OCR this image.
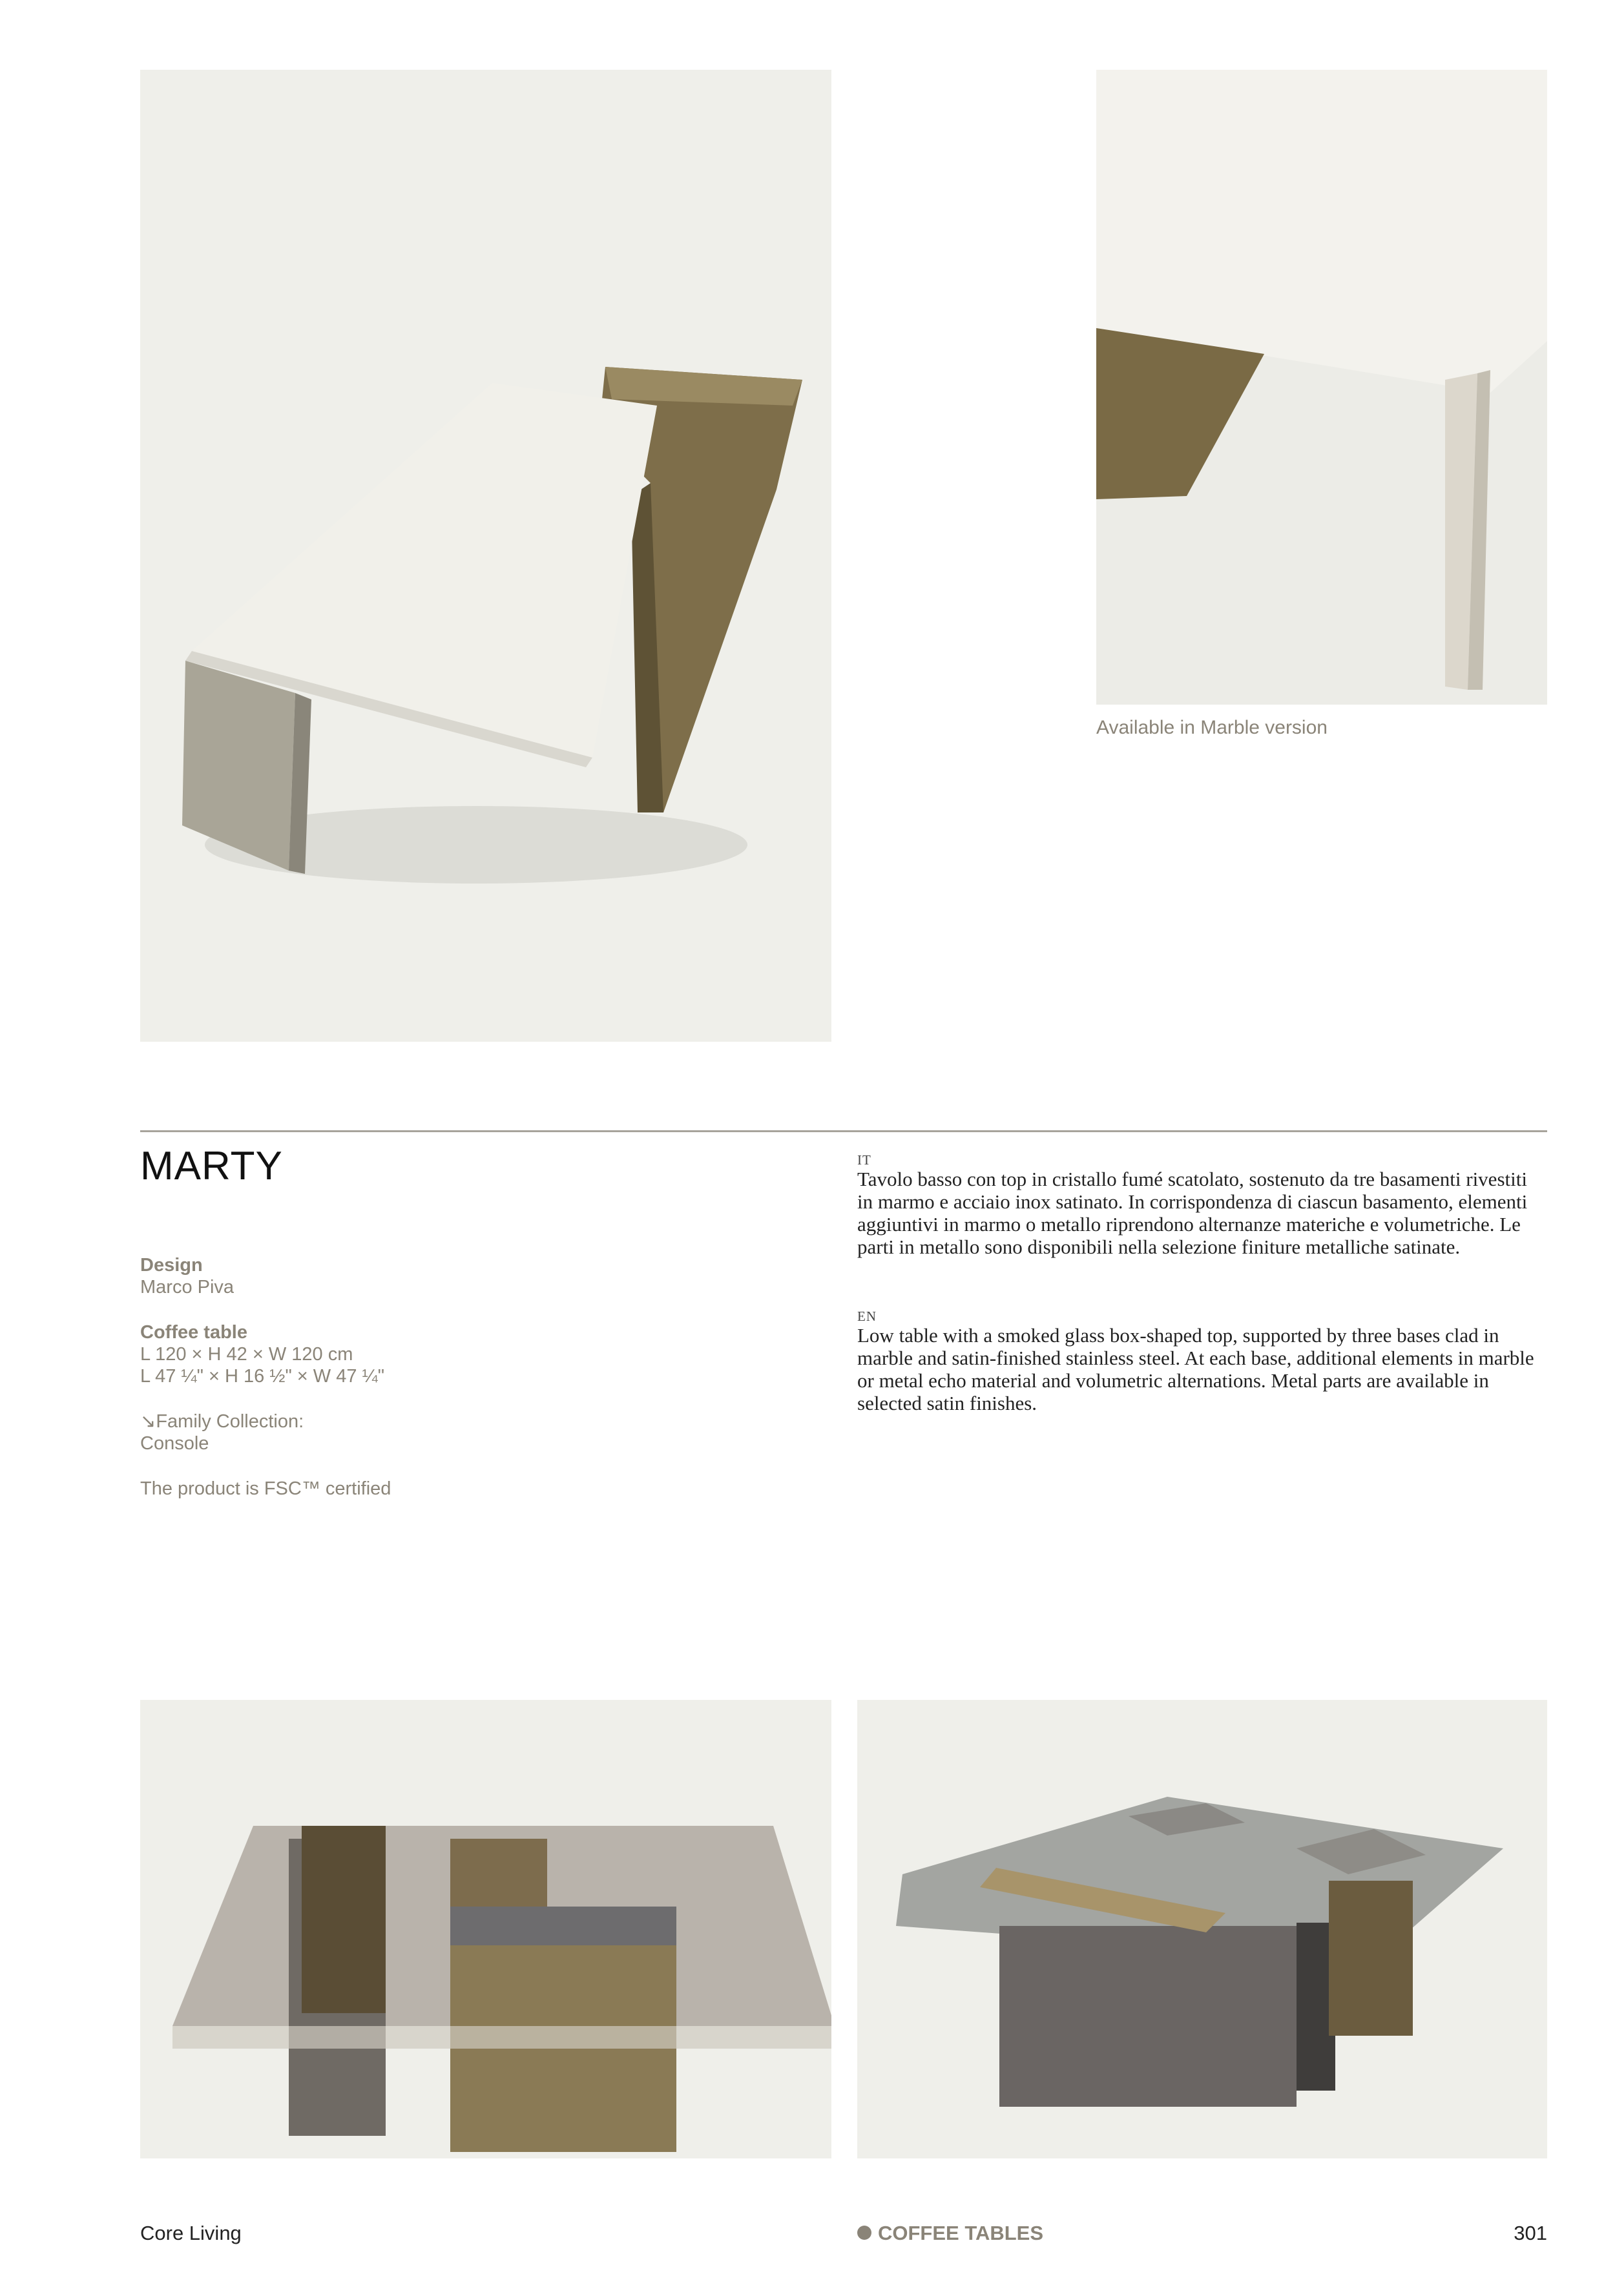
Available in Marble version
MARTY
Design
Marco Piva
Coffee table
L 120 × H 42 × W 120 cm
L 47 ¼" × H 16 ½" × W 47 ¼"
↘Family Collection:
Console
The product is FSC™ certified
IT
Tavolo basso con top in cristallo fumé scatolato, sostenuto da tre basamenti rivestiti in marmo e acciaio inox satinato. In corrispondenza di ciascun basamento, elementi aggiuntivi in marmo o metallo riprendono alternanze materiche e volumetriche. Le parti in metallo sono disponibili nella selezione finiture metalliche satinate.
EN
Low table with a smoked glass box-shaped top, supported by three bases clad in marble and satin-finished stainless steel. At each base, additional elements in marble or metal echo material and volumetric alternations. Metal parts are available in selected satin finishes.
Core Living	COFFEE TABLES	301
